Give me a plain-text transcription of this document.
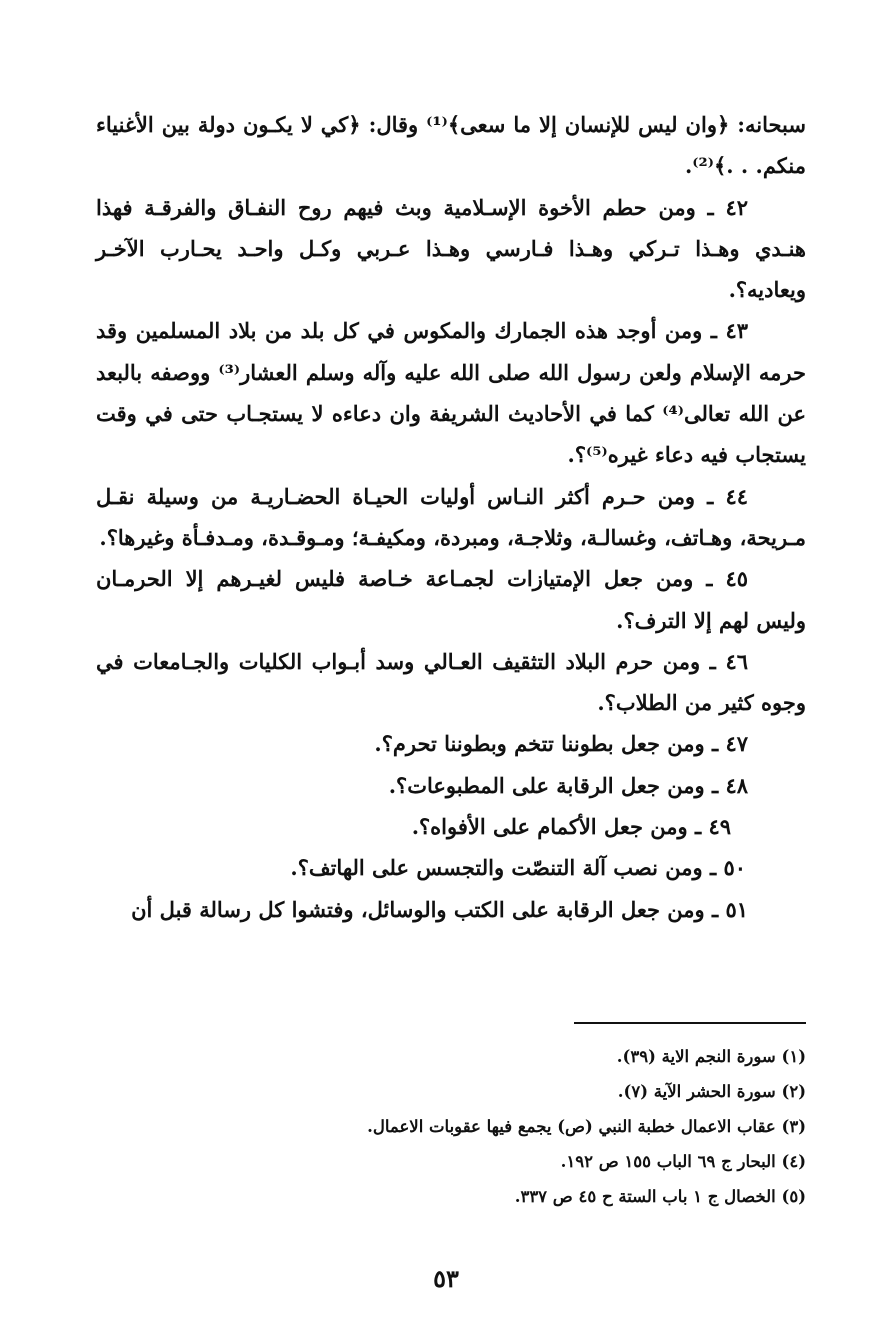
سبحانه: ﴿وان ليس للإنسان إلا ما سعى﴾⁽¹⁾ وقال: ﴿كي لا يكـون دولة بين الأغنياء منكم. . .﴾⁽²⁾.

٤٢ ـ ومن حطم الأخوة الإسـلامية وبث فيهم روح النفـاق والفرقـة فهذا هنـدي وهـذا تـركي وهـذا فـارسي وهـذا عـربي وكـل واحـد يحـارب الآخـر ويعاديه؟.

٤٣ ـ ومن أوجد هذه الجمارك والمكوس في كل بلد من بلاد المسلمين وقد حرمه الإسلام ولعن رسول الله صلى الله عليه وآله وسلم العشار⁽³⁾ ووصفه بالبعد عن الله تعالى⁽⁴⁾ كما في الأحاديث الشريفة وان دعاءه لا يستجـاب حتى في وقت يستجاب فيه دعاء غيره⁽⁵⁾؟.

٤٤ ـ ومن حـرم أكثر النـاس أوليات الحيـاة الحضـاريـة من وسيلة نقـل مـريحة، وهـاتف، وغسالـة، وثلاجـة، ومبردة، ومكيفـة؛ ومـوقـدة، ومـدفـأة وغيرها؟.

٤٥ ـ ومن جعل الإمتيازات لجمـاعة خـاصة فليس لغيـرهم إلا الحرمـان وليس لهم إلا الترف؟.

٤٦ ـ ومن حرم البلاد التثقيف العـالي وسد أبـواب الكليات والجـامعات في وجوه كثير من الطلاب؟.

٤٧ ـ ومن جعل بطوننا تتخم وبطوننا تحرم؟.

٤٨ ـ ومن جعل الرقابة على المطبوعات؟.

٤٩ ـ ومن جعل الأكمام على الأفواه؟.

٥٠ ـ ومن نصب آلة التنصّت والتجسس على الهاتف؟.

٥١ ـ ومن جعل الرقابة على الكتب والوسائل، وفتشوا كل رسالة قبل أن

(١) سورة النجم الاية (٣٩).

(٢) سورة الحشر الآية (٧).

(٣) عقاب الاعمال خطبة النبي (ص) يجمع فيها عقوبات الاعمال.

(٤) البحار ج ٦٩ الباب ١٥٥ ص ١٩٢.

(٥) الخصال ج ١ باب الستة ح ٤٥ ص ٣٣٧.

٥٣
